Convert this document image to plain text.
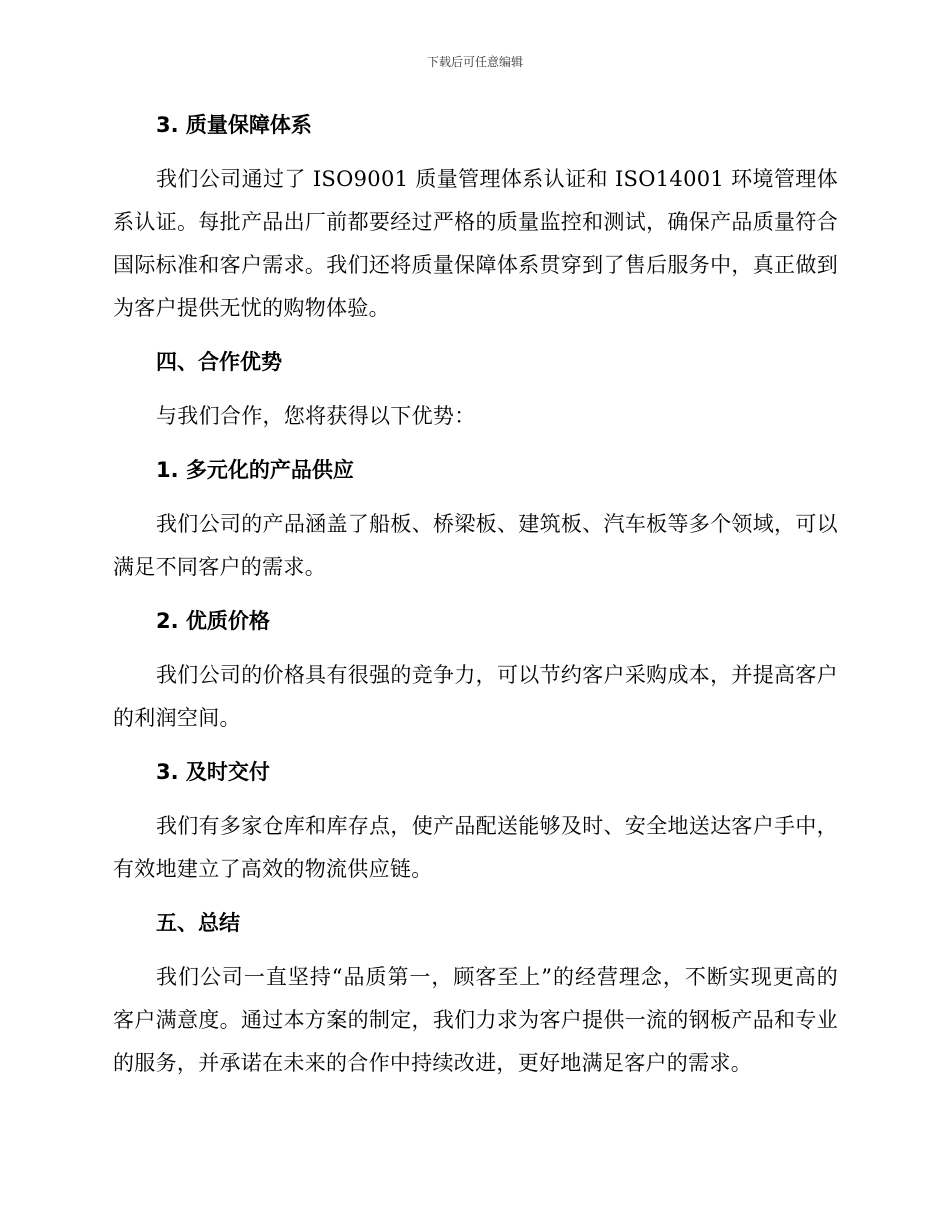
下载后可任意编辑
3. 质量保障体系

我们公司通过了 ISO9001 质量管理体系认证和 ISO14001 环境管理体系认证。每批产品出厂前都要经过严格的质量监控和测试，确保产品质量符合国际标准和客户需求。我们还将质量保障体系贯穿到了售后服务中，真正做到为客户提供无忧的购物体验。

四、合作优势

与我们合作，您将获得以下优势：

1. 多元化的产品供应

我们公司的产品涵盖了船板、桥梁板、建筑板、汽车板等多个领域，可以满足不同客户的需求。

2. 优质价格

我们公司的价格具有很强的竞争力，可以节约客户采购成本，并提高客户的利润空间。

3. 及时交付

我们有多家仓库和库存点，使产品配送能够及时、安全地送达客户手中，有效地建立了高效的物流供应链。

五、总结

我们公司一直坚持“品质第一，顾客至上”的经营理念，不断实现更高的客户满意度。通过本方案的制定，我们力求为客户提供一流的钢板产品和专业的服务，并承诺在未来的合作中持续改进，更好地满足客户的需求。
